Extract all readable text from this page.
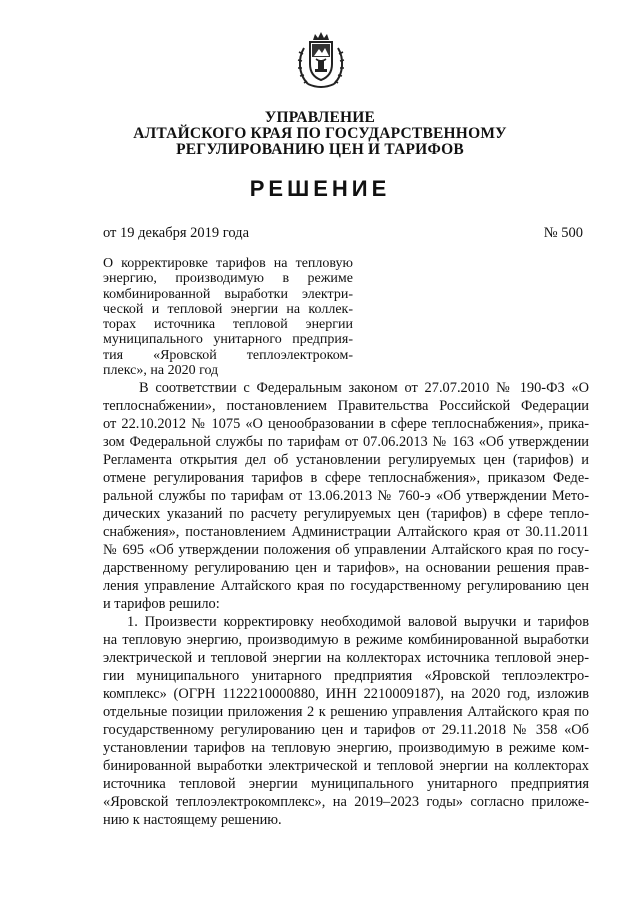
УПРАВЛЕНИЕ
АЛТАЙСКОГО КРАЯ ПО ГОСУДАРСТВЕННОМУ
РЕГУЛИРОВАНИЮ ЦЕН И ТАРИФОВ
РЕШЕНИЕ
от 19 декабря 2019 года	№ 500
О корректировке тарифов на тепловую
энергию, производимую в режиме
комбинированной выработки электри-
ческой и тепловой энергии на коллек-
торах источника тепловой энергии
муниципального унитарного предприя-
тия «Яровской теплоэлектроком-
плекс», на 2020 год
В соответствии с Федеральным законом от 27.07.2010 № 190-ФЗ «О
теплоснабжении», постановлением Правительства Российской Федерации
от 22.10.2012 № 1075 «О ценообразовании в сфере теплоснабжения», прика-
зом Федеральной службы по тарифам от 07.06.2013 № 163 «Об утверждении
Регламента открытия дел об установлении регулируемых цен (тарифов) и
отмене регулирования тарифов в сфере теплоснабжения», приказом Феде-
ральной службы по тарифам от 13.06.2013 № 760-э «Об утверждении Мето-
дических указаний по расчету регулируемых цен (тарифов) в сфере тепло-
снабжения», постановлением Администрации Алтайского края от 30.11.2011
№ 695 «Об утверждении положения об управлении Алтайского края по госу-
дарственному регулированию цен и тарифов», на основании решения прав-
ления управление Алтайского края по государственному регулированию цен
и тарифов решило:
1. Произвести корректировку необходимой валовой выручки и тарифов
на тепловую энергию, производимую в режиме комбинированной выработки
электрической и тепловой энергии на коллекторах источника тепловой энер-
гии муниципального унитарного предприятия «Яровской теплоэлектро-
комплекс» (ОГРН 1122210000880, ИНН 2210009187), на 2020 год, изложив
отдельные позиции приложения 2 к решению управления Алтайского края по
государственному регулированию цен и тарифов от 29.11.2018 № 358 «Об
установлении тарифов на тепловую энергию, производимую в режиме ком-
бинированной выработки электрической и тепловой энергии на коллекторах
источника тепловой энергии муниципального унитарного предприятия
«Яровской теплоэлектрокомплекс», на 2019–2023 годы» согласно приложе-
нию к настоящему решению.
